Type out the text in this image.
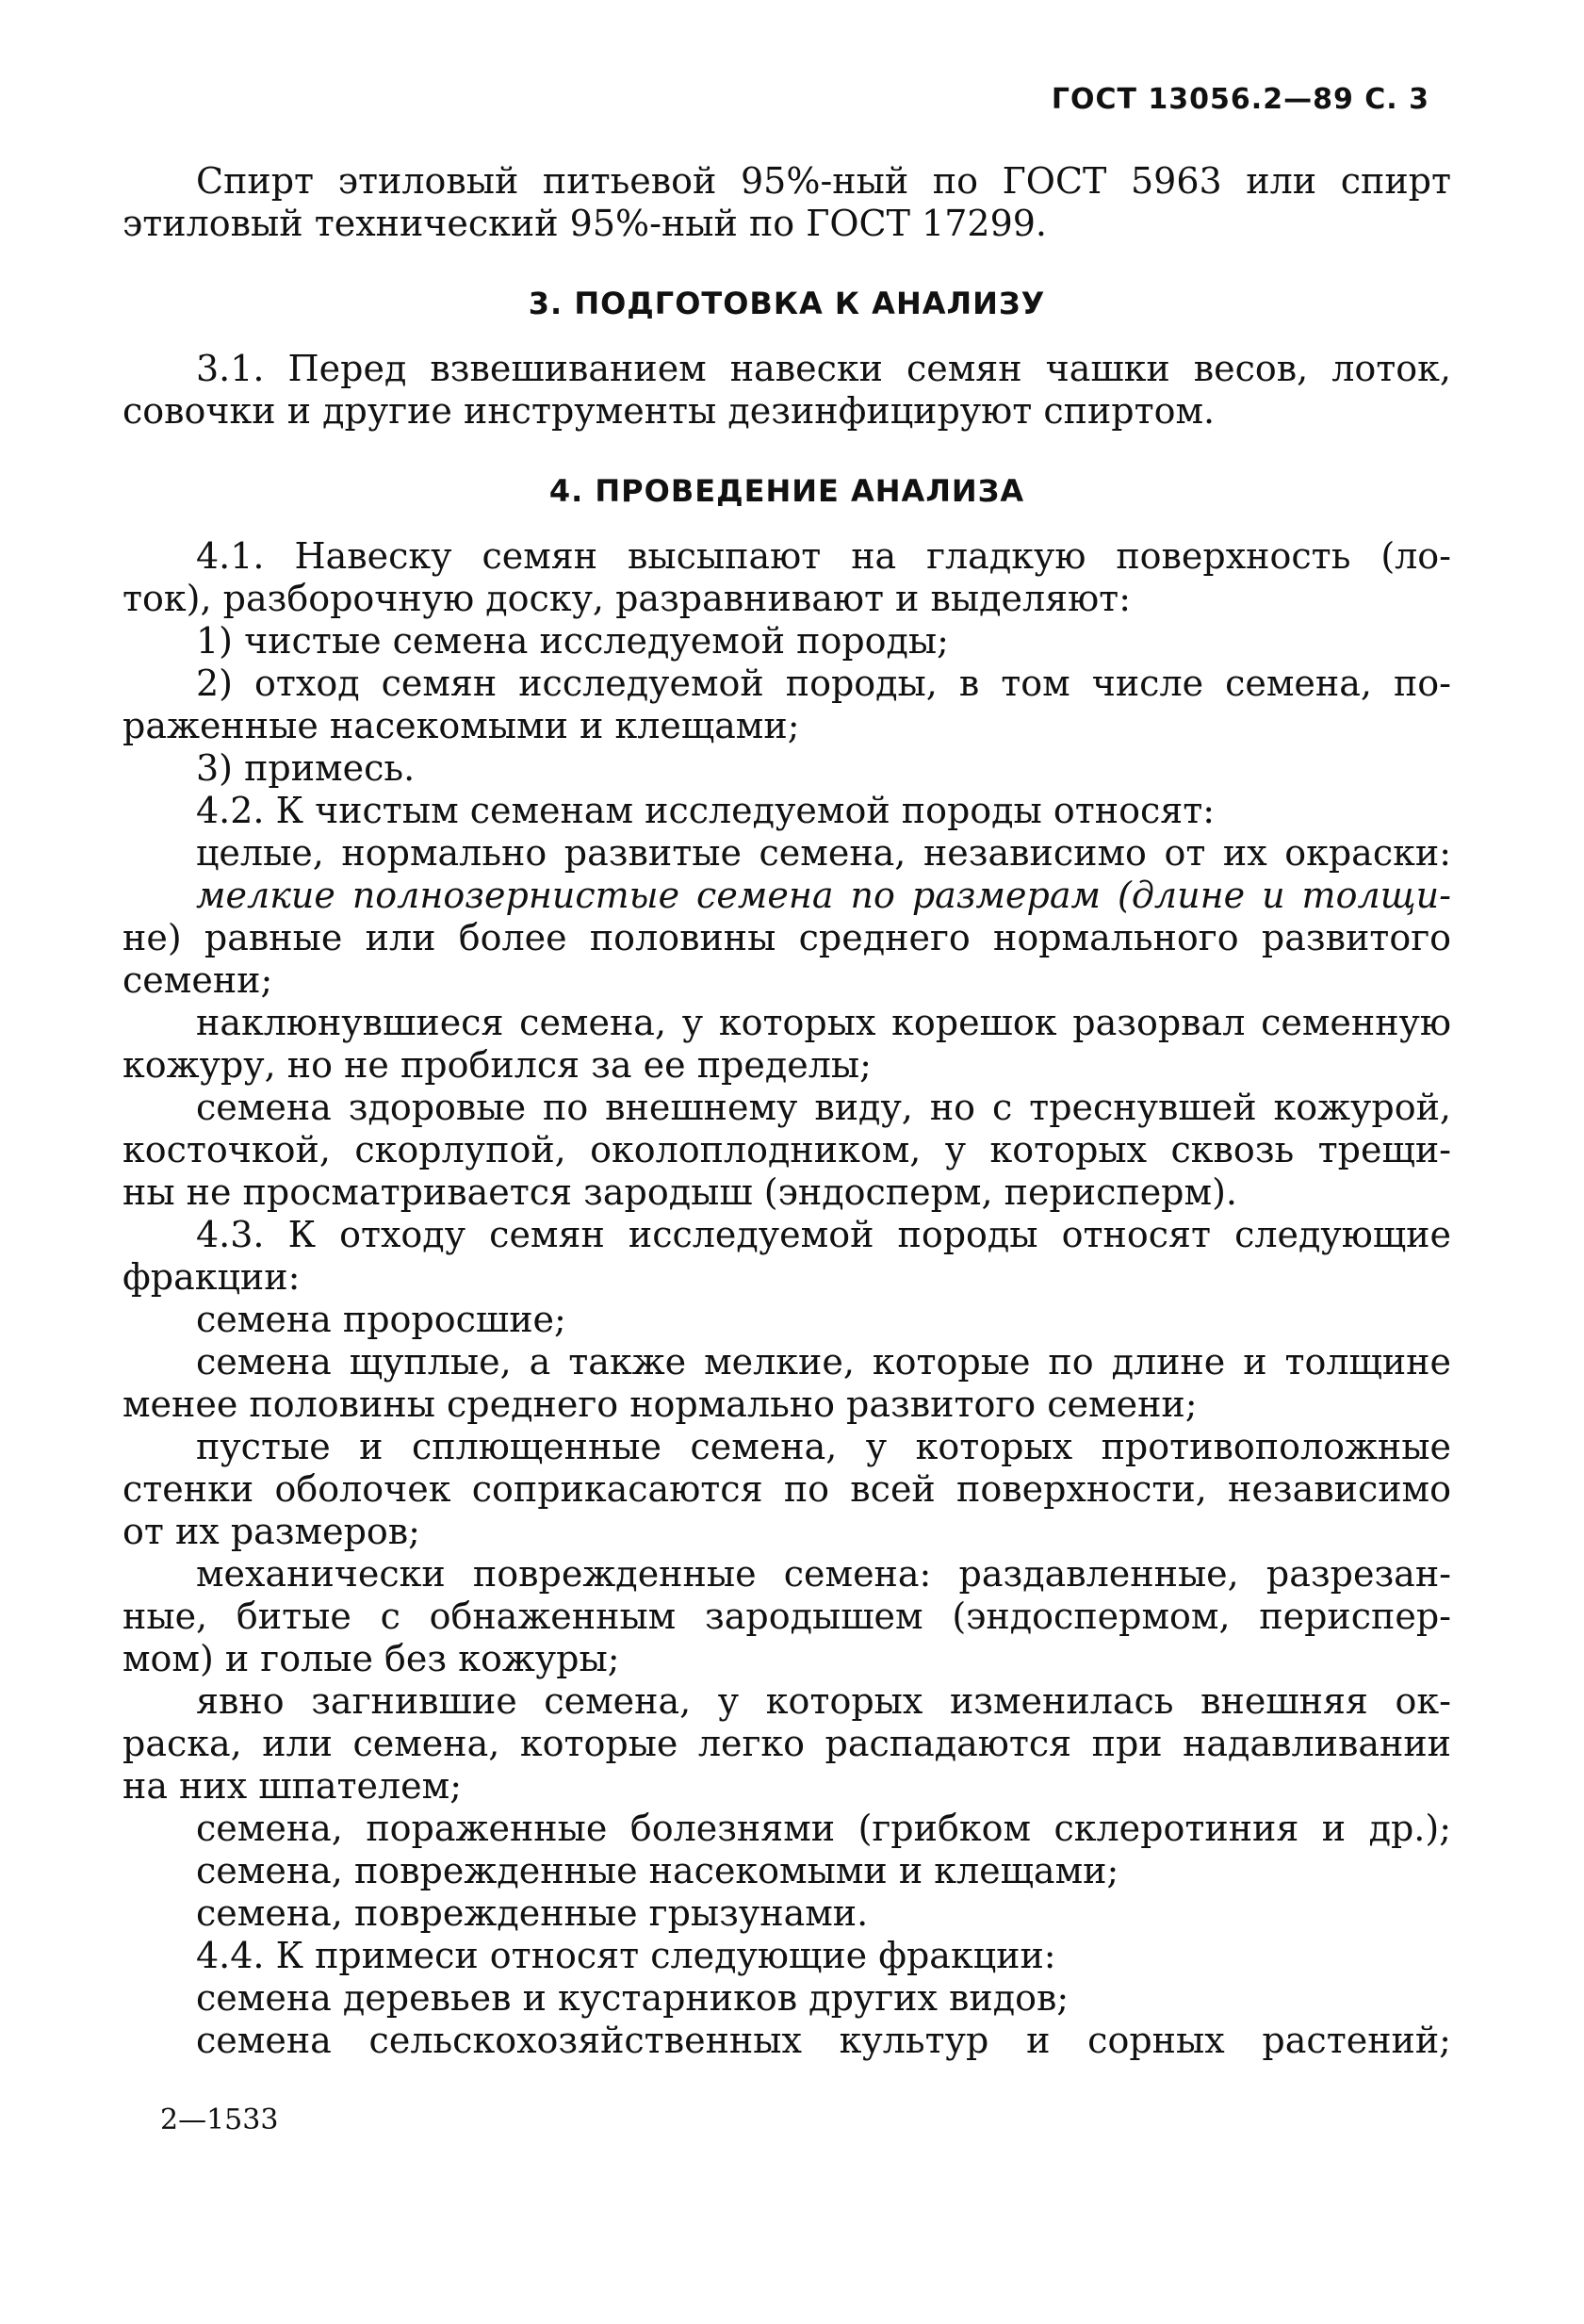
ГОСТ 13056.2—89 С. 3

Спирт этиловый питьевой 95%-ный по ГОСТ 5963 или спирт

этиловый технический 95%-ный по ГОСТ 17299.

3. ПОДГОТОВКА К АНАЛИЗУ

3.1. Перед взвешиванием навески семян чашки весов, лоток,

совочки и другие инструменты дезинфицируют спиртом.

4. ПРОВЕДЕНИЕ АНАЛИЗА

4.1. Навеску семян высыпают на гладкую поверхность (ло-

ток), разборочную доску, разравнивают и выделяют:

1) чистые семена исследуемой породы;

2) отход семян исследуемой породы, в том числе семена, по-

раженные насекомыми и клещами;

3) примесь.

4.2. К чистым семенам исследуемой породы относят:

целые, нормально развитые семена, независимо от их окраски:

мелкие полнозернистые семена по размерам (длине и толщи-

не) равные или более половины среднего нормального развитого

семени;

наклюнувшиеся семена, у которых корешок разорвал семенную

кожуру, но не пробился за ее пределы;

семена здоровые по внешнему виду, но с треснувшей кожурой,

косточкой, скорлупой, околоплодником, у которых сквозь трещи-

ны не просматривается зародыш (эндосперм, перисперм).

4.3. К отходу семян исследуемой породы относят следующие

фракции:

семена проросшие;

семена щуплые, а также мелкие, которые по длине и толщине

менее половины среднего нормально развитого семени;

пустые и сплющенные семена, у которых противоположные

стенки оболочек соприкасаются по всей поверхности, независимо

от их размеров;

механически поврежденные семена: раздавленные, разрезан-

ные, битые с обнаженным зародышем (эндоспермом, периспер-

мом) и голые без кожуры;

явно загнившие семена, у которых изменилась внешняя ок-

раска, или семена, которые легко распадаются при надавливании

на них шпателем;

семена, пораженные болезнями (грибком склеротиния и др.);

семена, поврежденные насекомыми и клещами;

семена, поврежденные грызунами.

4.4. К примеси относят следующие фракции:

семена деревьев и кустарников других видов;

семена сельскохозяйственных культур и сорных растений;

2—1533
